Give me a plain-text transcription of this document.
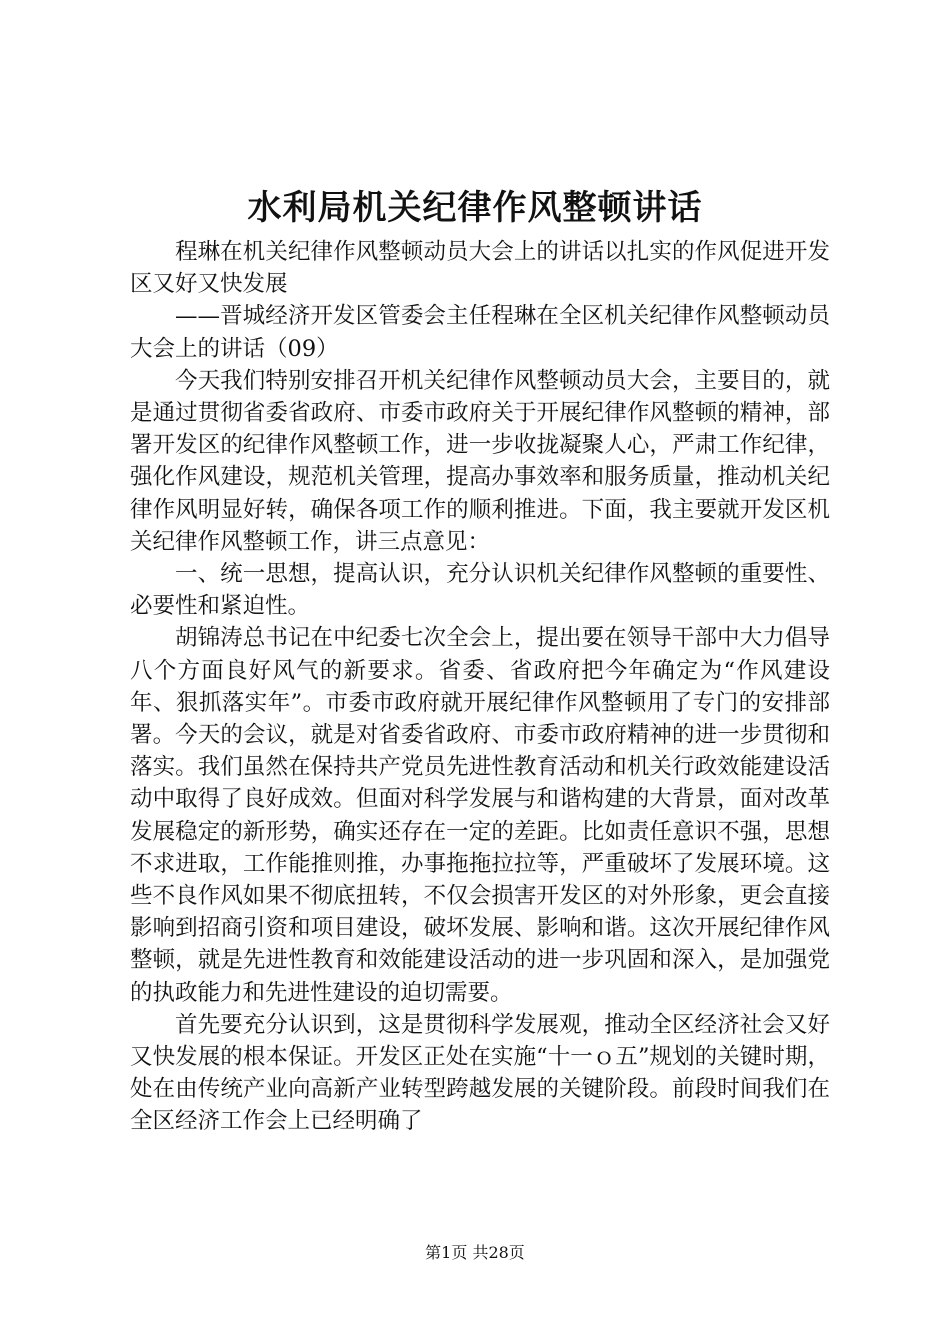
水利局机关纪律作风整顿讲话

程琳在机关纪律作风整顿动员大会上的讲话以扎实的作风促进开发区又好又快发展

——晋城经济开发区管委会主任程琳在全区机关纪律作风整顿动员大会上的讲话（09）

今天我们特别安排召开机关纪律作风整顿动员大会，主要目的，就是通过贯彻省委省政府、市委市政府关于开展纪律作风整顿的精神，部署开发区的纪律作风整顿工作，进一步收拢凝聚人心，严肃工作纪律，强化作风建设，规范机关管理，提高办事效率和服务质量，推动机关纪律作风明显好转，确保各项工作的顺利推进。下面，我主要就开发区机关纪律作风整顿工作，讲三点意见：

一、统一思想，提高认识，充分认识机关纪律作风整顿的重要性、必要性和紧迫性。

胡锦涛总书记在中纪委七次全会上，提出要在领导干部中大力倡导八个方面良好风气的新要求。省委、省政府把今年确定为“作风建设年、狠抓落实年”。市委市政府就开展纪律作风整顿用了专门的安排部署。今天的会议，就是对省委省政府、市委市政府精神的进一步贯彻和落实。我们虽然在保持共产党员先进性教育活动和机关行政效能建设活动中取得了良好成效。但面对科学发展与和谐构建的大背景，面对改革发展稳定的新形势，确实还存在一定的差距。比如责任意识不强，思想不求进取，工作能推则推，办事拖拖拉拉等，严重破坏了发展环境。这些不良作风如果不彻底扭转，不仅会损害开发区的对外形象，更会直接影响到招商引资和项目建设，破坏发展、影响和谐。这次开展纪律作风整顿，就是先进性教育和效能建设活动的进一步巩固和深入，是加强党的执政能力和先进性建设的迫切需要。

首先要充分认识到，这是贯彻科学发展观，推动全区经济社会又好又快发展的根本保证。开发区正处在实施“十一ｏ五”规划的关键时期，处在由传统产业向高新产业转型跨越发展的关键阶段。前段时间我们在全区经济工作会上已经明确了

第1页 共28页
